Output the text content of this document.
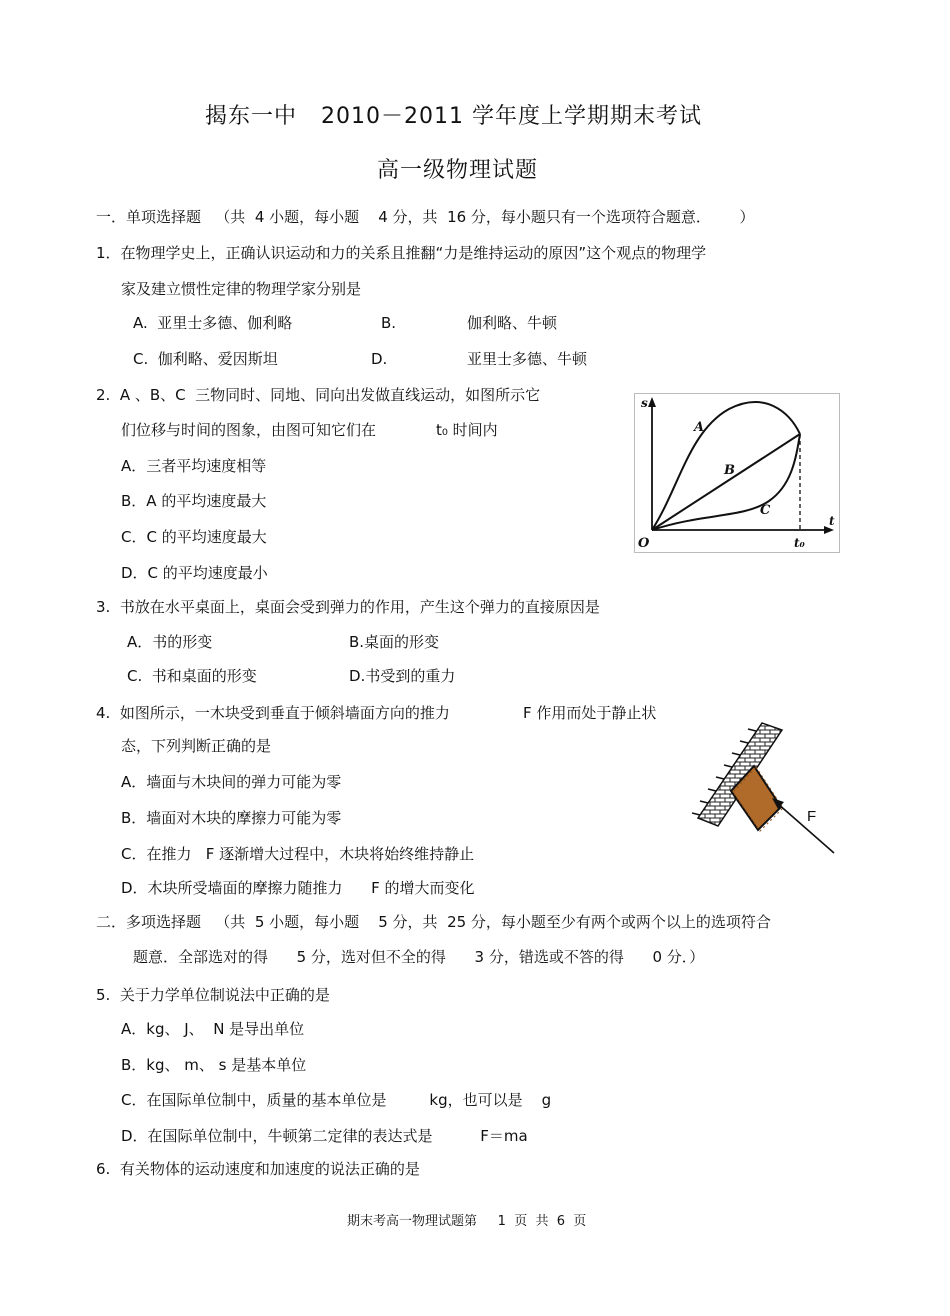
揭东一中   2010－2011 学年度上学期期末考试
高一级物理试题
一．单项选择题   （共  4 小题，每小题    4 分，共  16 分，每小题只有一个选项符合题意．      ）
1．在物理学史上，正确认识运动和力的关系且推翻“力是维持运动的原因”这个观点的物理学
家及建立惯性定律的物理学家分别是
A.  亚里士多德、伽利略	B.	伽利略、牛顿
C.  伽利略、爱因斯坦	D.	亚里士多德、牛顿
2.  A 、B、C  三物同时、同地、同向出发做直线运动，如图所示它
们位移与时间的图象，由图可知它们在	t₀ 时间内
A．三者平均速度相等
B．A 的平均速度最大
C．C 的平均速度最大
D．C 的平均速度最小
s
t
O	t₀
A
B
C
3.  书放在水平桌面上，桌面会受到弹力的作用，产生这个弹力的直接原因是
A．书的形变	B.桌面的形变
C.  书和桌面的形变	D.书受到的重力
4.  如图所示，一木块受到垂直于倾斜墙面方向的推力	F 作用而处于静止状
态，下列判断正确的是
A．墙面与木块间的弹力可能为零
B．墙面对木块的摩擦力可能为零
C．在推力   F 逐渐增大过程中，木块将始终维持静止
D．木块所受墙面的摩擦力随推力      F 的增大而变化
F
二．多项选择题   （共  5 小题，每小题    5 分，共  25 分，每小题至少有两个或两个以上的选项符合
题意．全部选对的得      5 分，选对但不全的得      3 分，错选或不答的得      0 分．）
5.  关于力学单位制说法中正确的是
A．kg、 J、  N 是导出单位
B．kg、 m、 s 是基本单位
C．在国际单位制中，质量的基本单位是         kg，也可以是    g
D．在国际单位制中，牛顿第二定律的表达式是          F＝ma
6.  有关物体的运动速度和加速度的说法正确的是
期末考高一物理试题第     1  页  共  6  页
